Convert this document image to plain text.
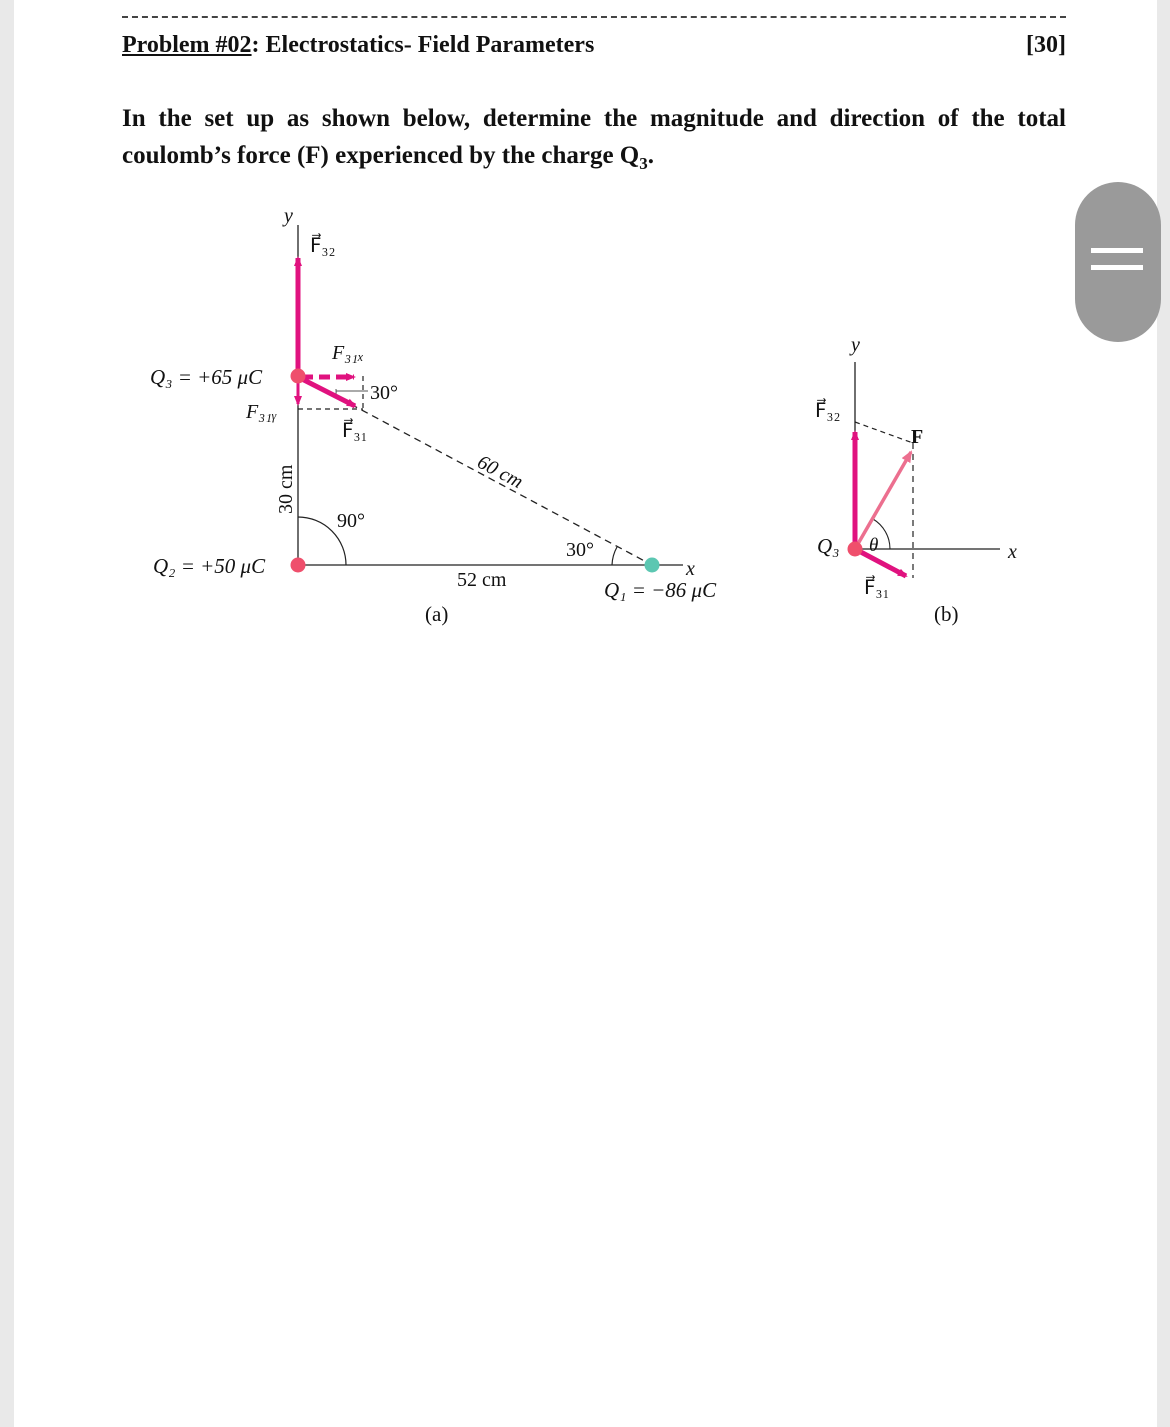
Problem #02: Electrostatics- Field Parameters	[30]
In the set up as shown below, determine the magnitude and direction of the total coulomb’s force (F) experienced by the charge $Q_3$.
y
x
F⃗₃₂
F₃₁ₓ
Q₃ = +65 μC
30°
F₃₁ᵧ
F⃗₃₁
60 cm
30 cm
90°
30°
Q₂ = +50 μC
52 cm	Q₁ = −86 μC
(a)
y
x
F⃗₃₂
F⃗
Q₃ θ
F⃗₃₁
(b)
